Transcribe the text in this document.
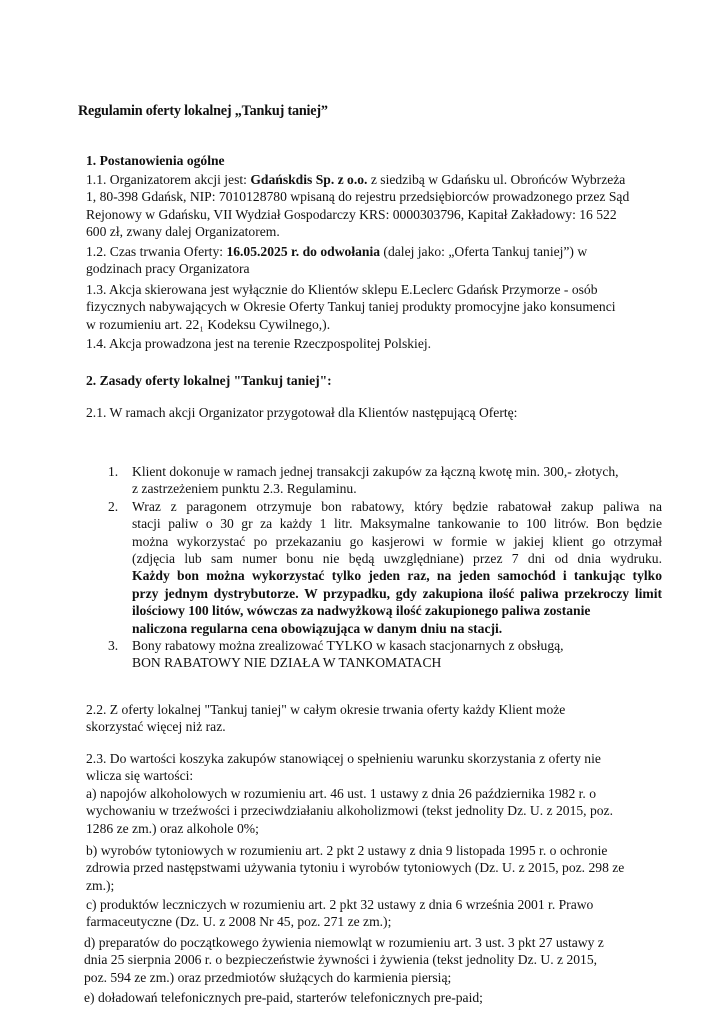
Regulamin oferty lokalnej „Tankuj taniej”
1. Postanowienia ogólne
1.1. Organizatorem akcji jest: Gdańskdis Sp. z o.o. z siedzibą w Gdańsku ul. Obrońców Wybrzeża
1, 80-398 Gdańsk, NIP: 7010128780 wpisaną do rejestru przedsiębiorców prowadzonego przez Sąd
Rejonowy w Gdańsku, VII Wydział Gospodarczy KRS: 0000303796, Kapitał Zakładowy: 16 522
600 zł, zwany dalej Organizatorem.
1.2. Czas trwania Oferty: 16.05.2025 r. do odwołania (dalej jako: „Oferta Tankuj taniej”) w
godzinach pracy Organizatora
1.3. Akcja skierowana jest wyłącznie do Klientów sklepu E.Leclerc Gdańsk Przymorze - osób
fizycznych nabywających w Okresie Oferty Tankuj taniej produkty promocyjne jako konsumenci
w rozumieniu art. 22₁ Kodeksu Cywilnego,).
1.4. Akcja prowadzona jest na terenie Rzeczpospolitej Polskiej.
2. Zasady oferty lokalnej "Tankuj taniej":
2.1. W ramach akcji Organizator przygotował dla Klientów następującą Ofertę:
1. Klient dokonuje w ramach jednej transakcji zakupów za łączną kwotę min. 300,- złotych,
z zastrzeżeniem punktu 2.3. Regulaminu.
2. Wraz z paragonem otrzymuje bon rabatowy, który będzie rabatował zakup paliwa na
stacji paliw o 30 gr za każdy 1 litr. Maksymalne tankowanie to 100 litrów. Bon będzie
można wykorzystać po przekazaniu go kasjerowi w formie w jakiej klient go otrzymał
(zdjęcia lub sam numer bonu nie będą uwzględniane) przez 7 dni od dnia wydruku.
Każdy bon można wykorzystać tylko jeden raz, na jeden samochód i tankując tylko
przy jednym dystrybutorze. W przypadku, gdy zakupiona ilość paliwa przekroczy limit
ilościowy 100 litów, wówczas za nadwyżkową ilość zakupionego paliwa zostanie
naliczona regularna cena obowiązująca w danym dniu na stacji.
3. Bony rabatowy można zrealizować TYLKO w kasach stacjonarnych z obsługą,
BON RABATOWY NIE DZIAŁA W TANKOMATACH
2.2. Z oferty lokalnej "Tankuj taniej" w całym okresie trwania oferty każdy Klient może
skorzystać więcej niż raz.
2.3. Do wartości koszyka zakupów stanowiącej o spełnieniu warunku skorzystania z oferty nie
wlicza się wartości:
a) napojów alkoholowych w rozumieniu art. 46 ust. 1 ustawy z dnia 26 października 1982 r. o
wychowaniu w trzeźwości i przeciwdziałaniu alkoholizmowi (tekst jednolity Dz. U. z 2015, poz.
1286 ze zm.) oraz alkohole 0%;
b) wyrobów tytoniowych w rozumieniu art. 2 pkt 2 ustawy z dnia 9 listopada 1995 r. o ochronie
zdrowia przed następstwami używania tytoniu i wyrobów tytoniowych (Dz. U. z 2015, poz. 298 ze
zm.);
c) produktów leczniczych w rozumieniu art. 2 pkt 32 ustawy z dnia 6 września 2001 r. Prawo
farmaceutyczne (Dz. U. z 2008 Nr 45, poz. 271 ze zm.);
d) preparatów do początkowego żywienia niemowląt w rozumieniu art. 3 ust. 3 pkt 27 ustawy z
dnia 25 sierpnia 2006 r. o bezpieczeństwie żywności i żywienia (tekst jednolity Dz. U. z 2015,
poz. 594 ze zm.) oraz przedmiotów służących do karmienia piersią;
e) doładowań telefonicznych pre-paid, starterów telefonicznych pre-paid;
